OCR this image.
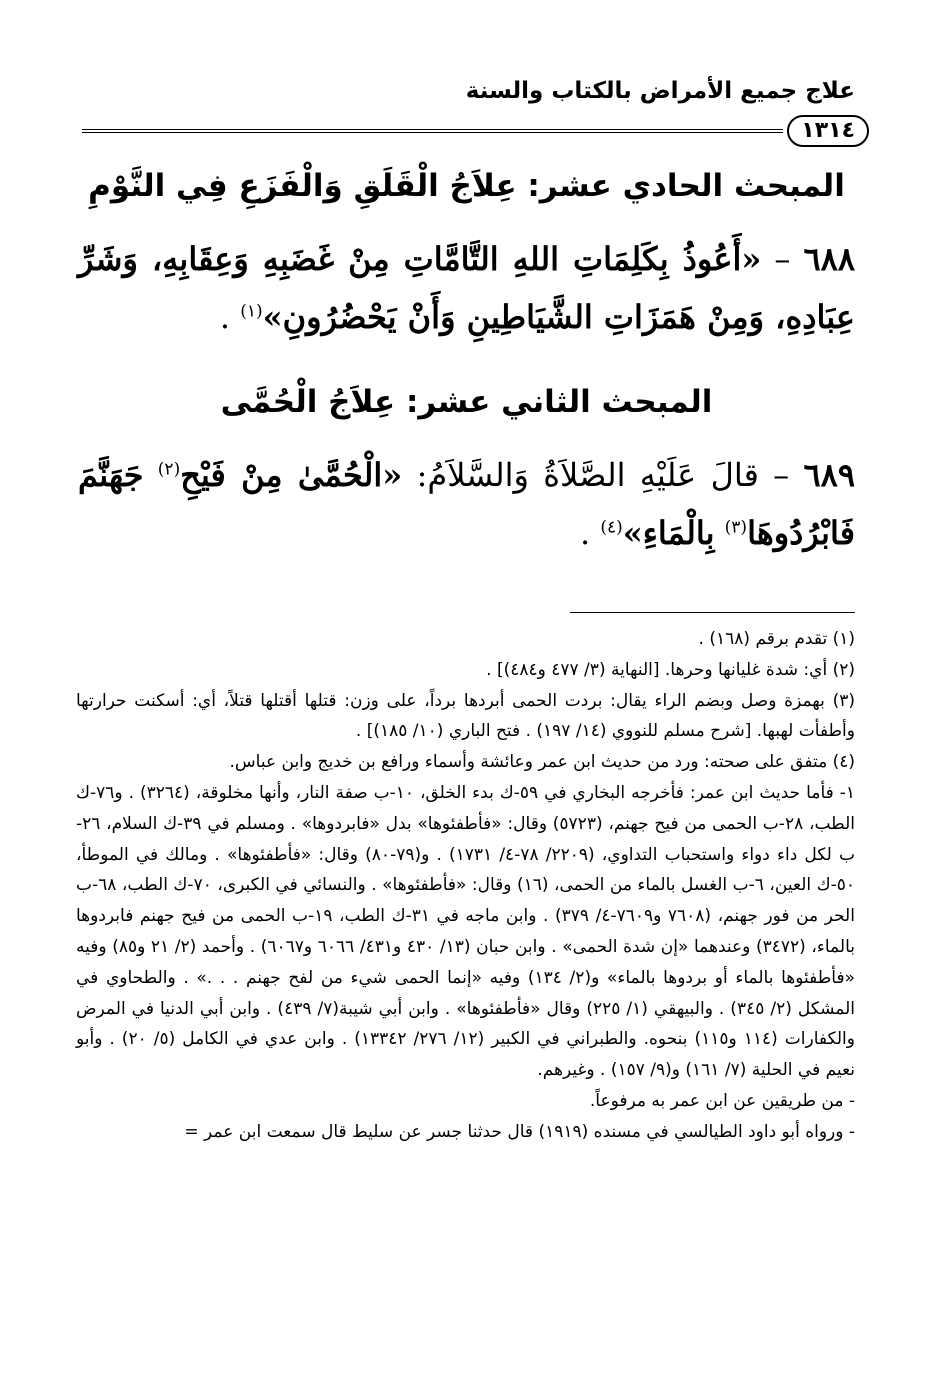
علاج جميع الأمراض بالكتاب والسنة
١٣١٤
المبحث الحادي عشر: عِلاَجُ الْقَلَقِ وَالْفَزَعِ فِي النَّوْمِ

٦٨٨ – «أَعُوذُ بِكَلِمَاتِ اللهِ التَّامَّاتِ مِنْ غَضَبِهِ وَعِقَابِهِ، وَشَرِّ عِبَادِهِ، وَمِنْ هَمَزَاتِ الشَّيَاطِينِ وَأَنْ يَحْضُرُونِ»$^{(١)}$ .

المبحث الثاني عشر: عِلاَجُ الْحُمَّى

٦٨٩ – قالَ عَلَيْهِ الصَّلاَةُ وَالسَّلاَمُ: «الْحُمَّىٰ مِنْ فَيْحِ$^{(٢)}$ جَهَنَّمَ فَابْرُدُوهَا$^{(٣)}$ بِالْمَاءِ»$^{(٤)}$ .

(١) تقدم برقم (١٦٨) .

(٢) أي: شدة غليانها وحرها. [النهاية (٣/ ٤٧٧ و٤٨٤)] .

(٣) بهمزة وصل وبضم الراء يقال: بردت الحمى أبردها برداً، على وزن: قتلها أقتلها قتلاً، أي: أسكنت حرارتها وأطفأت لهبها. [شرح مسلم للنووي (١٤/ ١٩٧) . فتح الباري (١٠/ ١٨٥)] .

(٤) متفق على صحته: ورد من حديث ابن عمر وعائشة وأسماء ورافع بن خديج وابن عباس.

١- فأما حديث ابن عمر: فأخرجه البخاري في ٥٩-ك بدء الخلق، ١٠-ب صفة النار، وأنها مخلوقة، (٣٢٦٤) . و٧٦-ك الطب، ٢٨-ب الحمى من فيح جهنم، (٥٧٢٣) وقال: «فأطفئوها» بدل «فابردوها» . ومسلم في ٣٩-ك السلام، ٢٦-ب لكل داء دواء واستحباب التداوي، (٢٢٠٩/ ٧٨-٤/ ١٧٣١) . و(٧٩-٨٠) وقال: «فأطفئوها» . ومالك في الموطأ، ٥٠-ك العين، ٦-ب الغسل بالماء من الحمى، (١٦) وقال: «فأطفئوها» . والنسائي في الكبرى، ٧٠-ك الطب، ٦٨-ب الحر من فور جهنم، (٧٦٠٨ و٧٦٠٩-٤/ ٣٧٩) . وابن ماجه في ٣١-ك الطب، ١٩-ب الحمى من فيح جهنم فابردوها بالماء، (٣٤٧٢) وعندهما «إن شدة الحمى» . وابن حبان (١٣/ ٤٣٠ و٤٣١/ ٦٠٦٦ و٦٠٦٧) . وأحمد (٢/ ٢١ و٨٥) وفيه «فأطفئوها بالماء أو بردوها بالماء» و(٢/ ١٣٤) وفيه «إنما الحمى شيء من لفح جهنم . . .» . والطحاوي في المشكل (٢/ ٣٤٥) . والبيهقي (١/ ٢٢٥) وقال «فأطفئوها» . وابن أبي شيبة(٧/ ٤٣٩) . وابن أبي الدنيا في المرض والكفارات (١١٤ و١١٥) بنحوه. والطبراني في الكبير (١٢/ ٢٧٦/ ١٣٣٤٢) . وابن عدي في الكامل (٥/ ٢٠) . وأبو نعيم في الحلية (٧/ ١٦١) و(٩/ ١٥٧) . وغيرهم.

- من طريقين عن ابن عمر به مرفوعاً.

- ورواه أبو داود الطيالسي في مسنده (١٩١٩) قال حدثنا جسر عن سليط قال سمعت ابن عمر =
